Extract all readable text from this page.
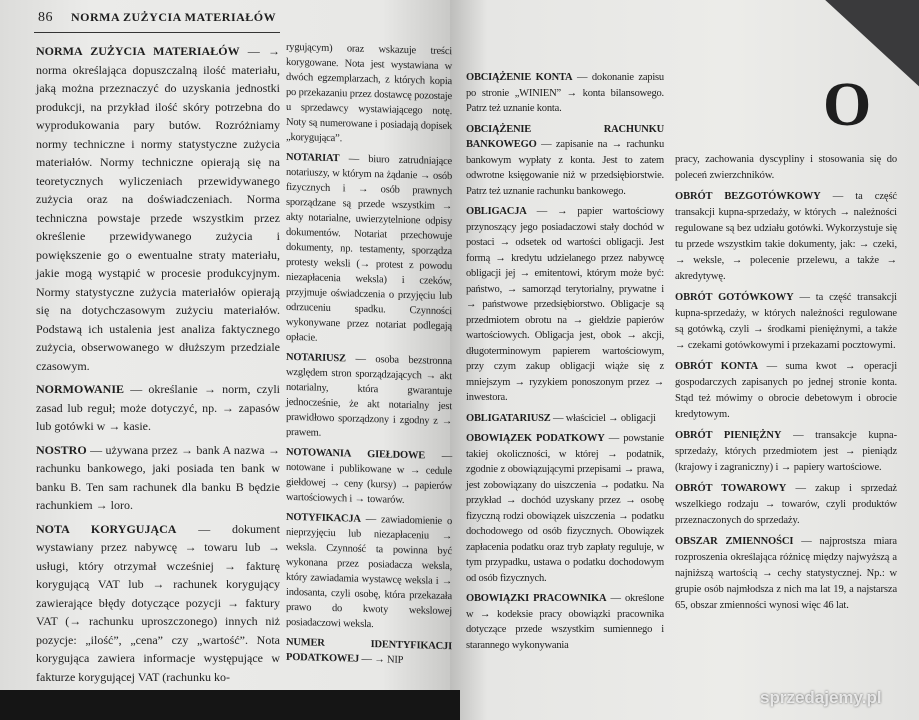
86 NORMA ZUŻYCIA MATERIAŁÓW
O

NORMA ZUŻYCIA MATERIAŁÓW — → norma określająca dopuszczalną ilość materiału, jaką można przeznaczyć do uzyskania jednostki produkcji, na przykład ilość skóry potrzebna do wyprodukowania pary butów. Rozróżniamy normy techniczne i normy statystyczne zużycia materiałów. Normy techniczne opierają się na teoretycznych wyliczeniach przewidywanego zużycia oraz na doświadczeniach. Norma techniczna powstaje przede wszystkim przez określenie przewidywanego zużycia i powiększenie go o ewentualne straty materiału, jakie mogą wystąpić w procesie produkcyjnym. Normy statystyczne zużycia materiałów opierają się na dotychczasowym zużyciu materiałów. Podstawą ich ustalenia jest analiza faktycznego zużycia, obserwowanego w dłuższym przedziale czasowym.

NORMOWANIE — określanie → norm, czyli zasad lub reguł; może dotyczyć, np. → zapasów lub gotówki w → kasie.

NOSTRO — używana przez → bank A nazwa → rachunku bankowego, jaki posiada ten bank w banku B. Ten sam rachunek dla banku B będzie rachunkiem → loro.

NOTA KORYGUJĄCA — dokument wystawiany przez nabywcę → towaru lub → usługi, który otrzymał wcześniej → fakturę korygującą VAT lub → rachunek korygujący zawierające błędy dotyczące pozycji → faktury VAT (→ rachunku uproszczonego) innych niż pozycje: „ilość”, „cena” czy „wartość”. Nota korygująca zawiera informacje występujące w fakturze korygującej VAT (rachunku ko-

rygującym) oraz wskazuje treści korygowane. Nota jest wystawiana w dwóch egzemplarzach, z których kopia po przekazaniu przez dostawcę pozostaje u sprzedawcy wystawiającego notę. Noty są numerowane i posiadają dopisek „korygująca”.

NOTARIAT — biuro zatrudniające notariuszy, w którym na żądanie → osób fizycznych i → osób prawnych sporządzane są przede wszystkim → akty notarialne, uwierzytelnione odpisy dokumentów. Notariat przechowuje dokumenty, np. testamenty, sporządza protesty weksli (→ protest z powodu niezapłacenia weksla) i czeków, przyjmuje oświadczenia o przyjęciu lub odrzuceniu spadku. Czynności wykonywane przez notariat podlegają opłacie.

NOTARIUSZ — osoba bezstronna względem stron sporządzających → akt notarialny, która gwarantuje jednocześnie, że akt notarialny jest prawidłowo sporządzony i zgodny z → prawem.

NOTOWANIA GIEŁDOWE — notowane i publikowane w → cedule giełdowej → ceny (kursy) → papierów wartościowych i → towarów.

NOTYFIKACJA — zawiadomienie o nieprzyjęciu lub niezapłaceniu → weksla. Czynność ta powinna być wykonana przez posiadacza weksla, który zawiadamia wystawcę weksla i → indosanta, czyli osobę, która przekazała prawo do kwoty wekslowej posiadaczowi weksla.

NUMER IDENTYFIKACJI PODATKOWEJ — → NIP

OBCIĄŻENIE KONTA — dokonanie zapisu po stronie „WINIEN” → konta bilansowego. Patrz też uznanie konta.

OBCIĄŻENIE RACHUNKU BANKOWEGO — zapisanie na → rachunku bankowym wypłaty z konta. Jest to zatem odwrotne księgowanie niż w przedsiębiorstwie. Patrz też uznanie rachunku bankowego.

OBLIGACJA — → papier wartościowy przynoszący jego posiadaczowi stały dochód w postaci → odsetek od wartości obligacji. Jest formą → kredytu udzielanego przez nabywcę obligacji jej → emitentowi, którym może być: państwo, → samorząd terytorialny, prywatne i → państwowe przedsiębiorstwo. Obligacje są przedmiotem obrotu na → giełdzie papierów wartościowych. Obligacja jest, obok → akcji, długoterminowym papierem wartościowym, przy czym zakup obligacji wiąże się z mniejszym → ryzykiem ponoszonym przez → inwestora.

OBLIGATARIUSZ — właściciel → obligacji

OBOWIĄZEK PODATKOWY — powstanie takiej okoliczności, w której → podatnik, zgodnie z obowiązującymi przepisami → prawa, jest zobowiązany do uiszczenia → podatku. Na przykład → dochód uzyskany przez → osobę fizyczną rodzi obowiązek uiszczenia → podatku dochodowego od osób fizycznych. Obowiązek zapłacenia podatku oraz tryb zapłaty reguluje, w tym przypadku, ustawa o podatku dochodowym od osób fizycznych.

OBOWIĄZKI PRACOWNIKA — określone w → kodeksie pracy obowiązki pracownika dotyczące przede wszystkim sumiennego i starannego wykonywania

pracy, zachowania dyscypliny i stosowania się do poleceń zwierzchników.

OBRÓT BEZGOTÓWKOWY — ta część transakcji kupna-sprzedaży, w których → należności regulowane są bez udziału gotówki. Wykorzystuje się tu przede wszystkim takie dokumenty, jak: → czeki, → weksle, → polecenie przelewu, a także → akredytywę.

OBRÓT GOTÓWKOWY — ta część transakcji kupna-sprzedaży, w których należności regulowane są gotówką, czyli → środkami pieniężnymi, a także → czekami gotówkowymi i przekazami pocztowymi.

OBRÓT KONTA — suma kwot → operacji gospodarczych zapisanych po jednej stronie konta. Stąd też mówimy o obrocie debetowym i obrocie kredytowym.

OBRÓT PIENIĘŻNY — transakcje kupna-sprzedaży, których przedmiotem jest → pieniądz (krajowy i zagraniczny) i → papiery wartościowe.

OBRÓT TOWAROWY — zakup i sprzedaż wszelkiego rodzaju → towarów, czyli produktów przeznaczonych do sprzedaży.

OBSZAR ZMIENNOŚCI — najprostsza miara rozproszenia określająca różnicę między najwyższą a najniższą wartością → cechy statystycznej. Np.: w grupie osób najmłodsza z nich ma lat 19, a najstarsza 65, obszar zmienności wynosi więc 46 lat.

sprzedajemy.pl
